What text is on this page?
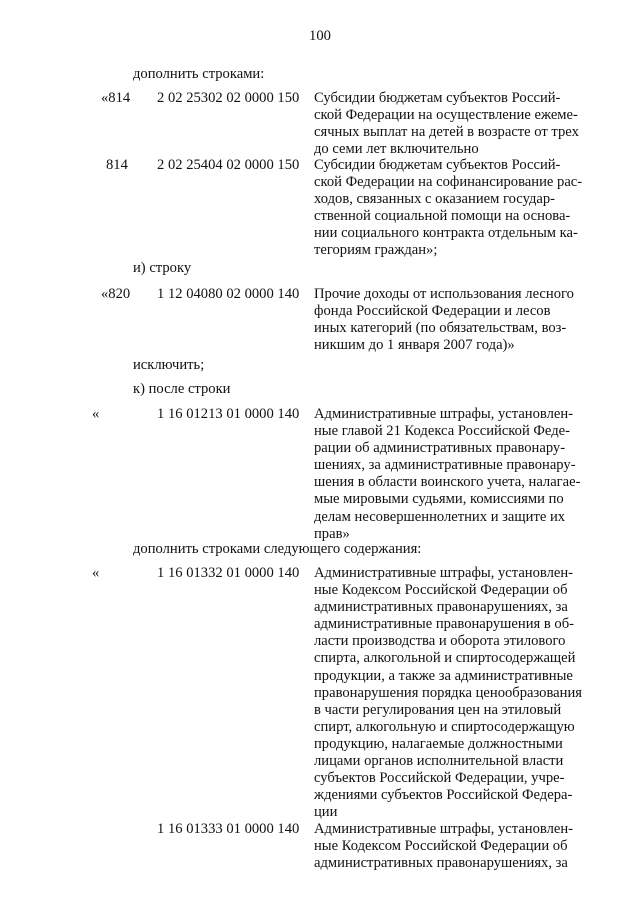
100
дополнить строками:
«814 2 02 25302 02 0000 150 Субсидии бюджетам субъектов Россий-
ской Федерации на осуществление ежеме-
сячных выплат на детей в возрасте от трех
до семи лет включительно
814 2 02 25404 02 0000 150 Субсидии бюджетам субъектов Россий-
ской Федерации на софинансирование рас-
ходов, связанных с оказанием государ-
ственной социальной помощи на основа-
нии социального контракта отдельным ка-
тегориям граждан»;
и) строку
«820 1 12 04080 02 0000 140 Прочие доходы от использования лесного
фонда Российской Федерации и лесов
иных категорий (по обязательствам, воз-
никшим до 1 января 2007 года)»
исключить;
к) после строки
«	1 16 01213 01 0000 140 Административные штрафы, установлен-
ные главой 21 Кодекса Российской Феде-
рации об административных правонару-
шениях, за административные правонару-
шения в области воинского учета, налагае-
мые мировыми судьями, комиссиями по
делам несовершеннолетних и защите их
прав»
дополнить строками следующего содержания:
«	1 16 01332 01 0000 140 Административные штрафы, установлен-
ные Кодексом Российской Федерации об
административных правонарушениях, за
административные правонарушения в об-
ласти производства и оборота этилового
спирта, алкогольной и спиртосодержащей
продукции, а также за административные
правонарушения порядка ценообразования
в части регулирования цен на этиловый
спирт, алкогольную и спиртосодержащую
продукцию, налагаемые должностными
лицами органов исполнительной власти
субъектов Российской Федерации, учре-
ждениями субъектов Российской Федера-
ции
1 16 01333 01 0000 140 Административные штрафы, установлен-
ные Кодексом Российской Федерации об
административных правонарушениях, за
